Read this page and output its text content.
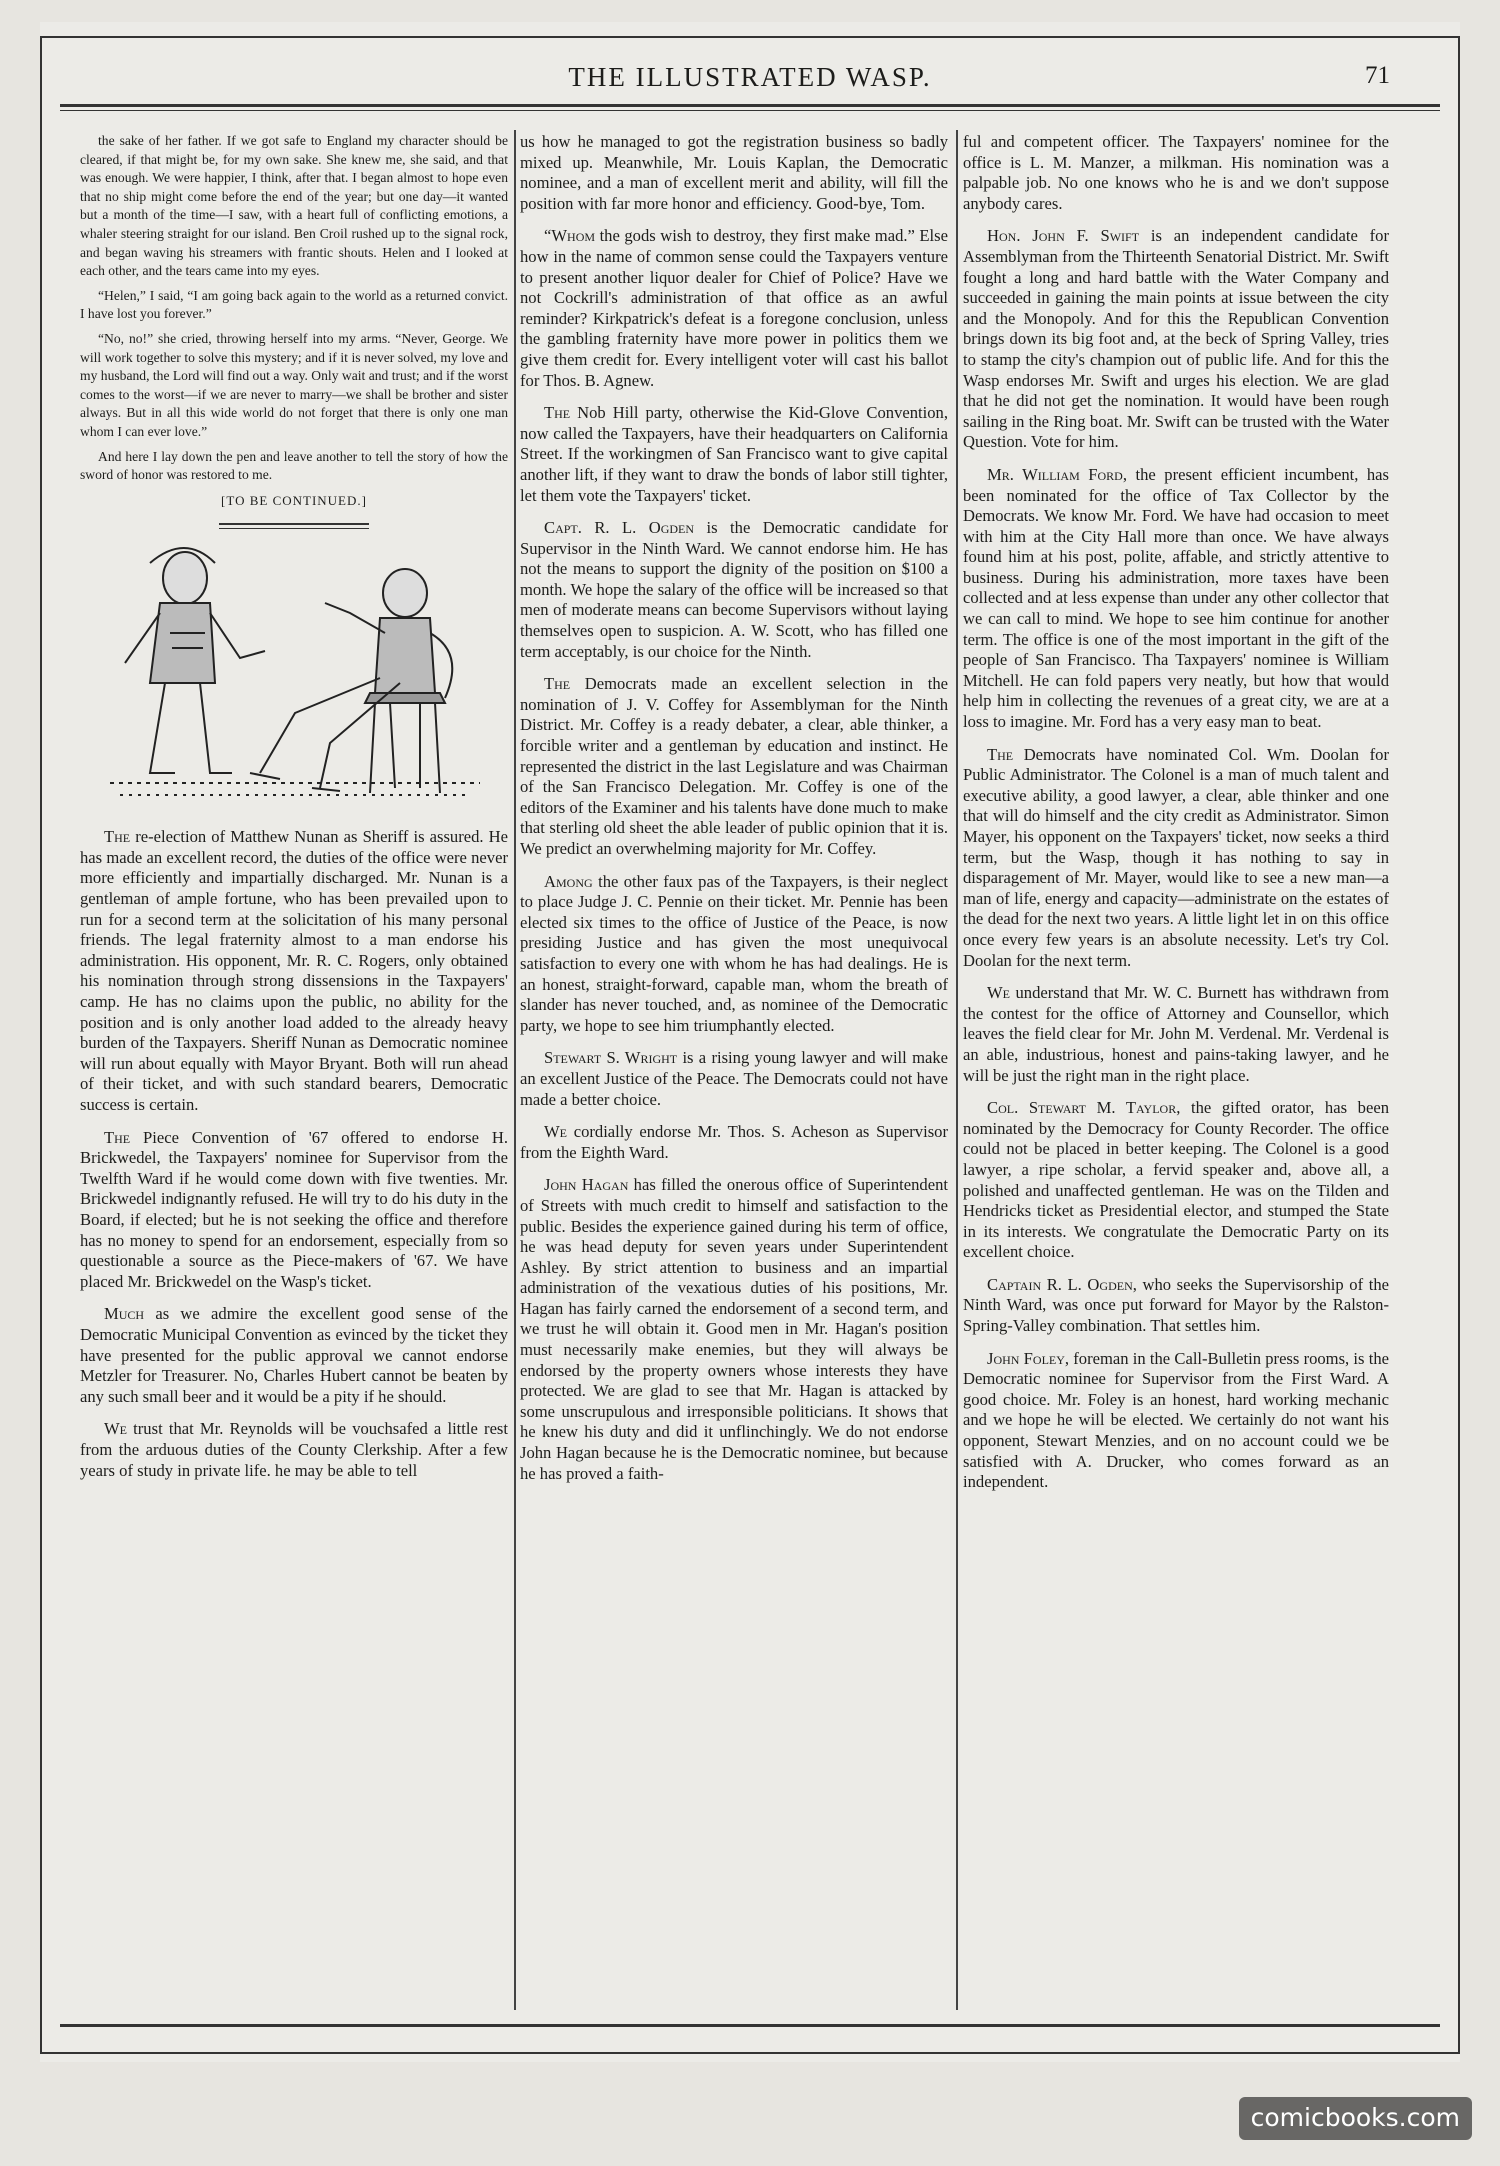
THE ILLUSTRATED WASP.	71

the sake of her father. If we got safe to England my character should be cleared, if that might be, for my own sake. She knew me, she said, and that was enough. We were happier, I think, after that. I began almost to hope even that no ship might come before the end of the year; but one day—it wanted but a month of the time—I saw, with a heart full of conflicting emotions, a whaler steering straight for our island. Ben Croil rushed up to the signal rock, and began waving his streamers with frantic shouts. Helen and I looked at each other, and the tears came into my eyes.

“Helen,” I said, “I am going back again to the world as a returned convict. I have lost you forever.”

“No, no!” she cried, throwing herself into my arms. “Never, George. We will work together to solve this mystery; and if it is never solved, my love and my husband, the Lord will find out a way. Only wait and trust; and if the worst comes to the worst—if we are never to marry—we shall be brother and sister always. But in all this wide world do not forget that there is only one man whom I can ever love.”

And here I lay down the pen and leave another to tell the story of how the sword of honor was restored to me.

[TO BE CONTINUED.]

The re-election of Matthew Nunan as Sheriff is assured. He has made an excellent record, the duties of the office were never more efficiently and impartially discharged. Mr. Nunan is a gentleman of ample fortune, who has been prevailed upon to run for a second term at the solicitation of his many personal friends. The legal fraternity almost to a man endorse his administration. His opponent, Mr. R. C. Rogers, only obtained his nomination through strong dissensions in the Taxpayers' camp. He has no claims upon the public, no ability for the position and is only another load added to the already heavy burden of the Taxpayers. Sheriff Nunan as Democratic nominee will run about equally with Mayor Bryant. Both will run ahead of their ticket, and with such standard bearers, Democratic success is certain.

The Piece Convention of '67 offered to endorse H. Brickwedel, the Taxpayers' nominee for Supervisor from the Twelfth Ward if he would come down with five twenties. Mr. Brickwedel indignantly refused. He will try to do his duty in the Board, if elected; but he is not seeking the office and therefore has no money to spend for an endorsement, especially from so questionable a source as the Piece-makers of '67. We have placed Mr. Brickwedel on the Wasp's ticket.

Much as we admire the excellent good sense of the Democratic Municipal Convention as evinced by the ticket they have presented for the public approval we cannot endorse Metzler for Treasurer. No, Charles Hubert cannot be beaten by any such small beer and it would be a pity if he should.

We trust that Mr. Reynolds will be vouchsafed a little rest from the arduous duties of the County Clerkship. After a few years of study in private life. he may be able to tell

us how he managed to got the registration business so badly mixed up. Meanwhile, Mr. Louis Kaplan, the Democratic nominee, and a man of excellent merit and ability, will fill the position with far more honor and efficiency. Good-bye, Tom.

“Whom the gods wish to destroy, they first make mad.” Else how in the name of common sense could the Taxpayers venture to present another liquor dealer for Chief of Police? Have we not Cockrill's administration of that office as an awful reminder? Kirkpatrick's defeat is a foregone conclusion, unless the gambling fraternity have more power in politics them we give them credit for. Every intelligent voter will cast his ballot for Thos. B. Agnew.

The Nob Hill party, otherwise the Kid-Glove Convention, now called the Taxpayers, have their headquarters on California Street. If the workingmen of San Francisco want to give capital another lift, if they want to draw the bonds of labor still tighter, let them vote the Taxpayers' ticket.

Capt. R. L. Ogden is the Democratic candidate for Supervisor in the Ninth Ward. We cannot endorse him. He has not the means to support the dignity of the position on $100 a month. We hope the salary of the office will be increased so that men of moderate means can become Supervisors without laying themselves open to suspicion. A. W. Scott, who has filled one term acceptably, is our choice for the Ninth.

The Democrats made an excellent selection in the nomination of J. V. Coffey for Assemblyman for the Ninth District. Mr. Coffey is a ready debater, a clear, able thinker, a forcible writer and a gentleman by education and instinct. He represented the district in the last Legislature and was Chairman of the San Francisco Delegation. Mr. Coffey is one of the editors of the Examiner and his talents have done much to make that sterling old sheet the able leader of public opinion that it is. We predict an overwhelming majority for Mr. Coffey.

Among the other faux pas of the Taxpayers, is their neglect to place Judge J. C. Pennie on their ticket. Mr. Pennie has been elected six times to the office of Justice of the Peace, is now presiding Justice and has given the most unequivocal satisfaction to every one with whom he has had dealings. He is an honest, straight-forward, capable man, whom the breath of slander has never touched, and, as nominee of the Democratic party, we hope to see him triumphantly elected.

Stewart S. Wright is a rising young lawyer and will make an excellent Justice of the Peace. The Democrats could not have made a better choice.

We cordially endorse Mr. Thos. S. Acheson as Supervisor from the Eighth Ward.

John Hagan has filled the onerous office of Superintendent of Streets with much credit to himself and satisfaction to the public. Besides the experience gained during his term of office, he was head deputy for seven years under Superintendent Ashley. By strict attention to business and an impartial administration of the vexatious duties of his positions, Mr. Hagan has fairly carned the endorsement of a second term, and we trust he will obtain it. Good men in Mr. Hagan's position must necessarily make enemies, but they will always be endorsed by the property owners whose interests they have protected. We are glad to see that Mr. Hagan is attacked by some unscrupulous and irresponsible politicians. It shows that he knew his duty and did it unflinchingly. We do not endorse John Hagan because he is the Democratic nominee, but because he has proved a faith-

ful and competent officer. The Taxpayers' nominee for the office is L. M. Manzer, a milkman. His nomination was a palpable job. No one knows who he is and we don't suppose anybody cares.

Hon. John F. Swift is an independent candidate for Assemblyman from the Thirteenth Senatorial District. Mr. Swift fought a long and hard battle with the Water Company and succeeded in gaining the main points at issue between the city and the Monopoly. And for this the Republican Convention brings down its big foot and, at the beck of Spring Valley, tries to stamp the city's champion out of public life. And for this the Wasp endorses Mr. Swift and urges his election. We are glad that he did not get the nomination. It would have been rough sailing in the Ring boat. Mr. Swift can be trusted with the Water Question. Vote for him.

Mr. William Ford, the present efficient incumbent, has been nominated for the office of Tax Collector by the Democrats. We know Mr. Ford. We have had occasion to meet with him at the City Hall more than once. We have always found him at his post, polite, affable, and strictly attentive to business. During his administration, more taxes have been collected and at less expense than under any other collector that we can call to mind. We hope to see him continue for another term. The office is one of the most important in the gift of the people of San Francisco. Tha Taxpayers' nominee is William Mitchell. He can fold papers very neatly, but how that would help him in collecting the revenues of a great city, we are at a loss to imagine. Mr. Ford has a very easy man to beat.

The Democrats have nominated Col. Wm. Doolan for Public Administrator. The Colonel is a man of much talent and executive ability, a good lawyer, a clear, able thinker and one that will do himself and the city credit as Administrator. Simon Mayer, his opponent on the Taxpayers' ticket, now seeks a third term, but the Wasp, though it has nothing to say in disparagement of Mr. Mayer, would like to see a new man—a man of life, energy and capacity—administrate on the estates of the dead for the next two years. A little light let in on this office once every few years is an absolute necessity. Let's try Col. Doolan for the next term.

We understand that Mr. W. C. Burnett has withdrawn from the contest for the office of Attorney and Counsellor, which leaves the field clear for Mr. John M. Verdenal. Mr. Verdenal is an able, industrious, honest and pains-taking lawyer, and he will be just the right man in the right place.

Col. Stewart M. Taylor, the gifted orator, has been nominated by the Democracy for County Recorder. The office could not be placed in better keeping. The Colonel is a good lawyer, a ripe scholar, a fervid speaker and, above all, a polished and unaffected gentleman. He was on the Tilden and Hendricks ticket as Presidential elector, and stumped the State in its interests. We congratulate the Democratic Party on its excellent choice.

Captain R. L. Ogden, who seeks the Supervisorship of the Ninth Ward, was once put forward for Mayor by the Ralston-Spring-Valley combination. That settles him.

John Foley, foreman in the Call-Bulletin press rooms, is the Democratic nominee for Supervisor from the First Ward. A good choice. Mr. Foley is an honest, hard working mechanic and we hope he will be elected. We certainly do not want his opponent, Stewart Menzies, and on no account could we be satisfied with A. Drucker, who comes forward as an independent.

comicbooks.com
